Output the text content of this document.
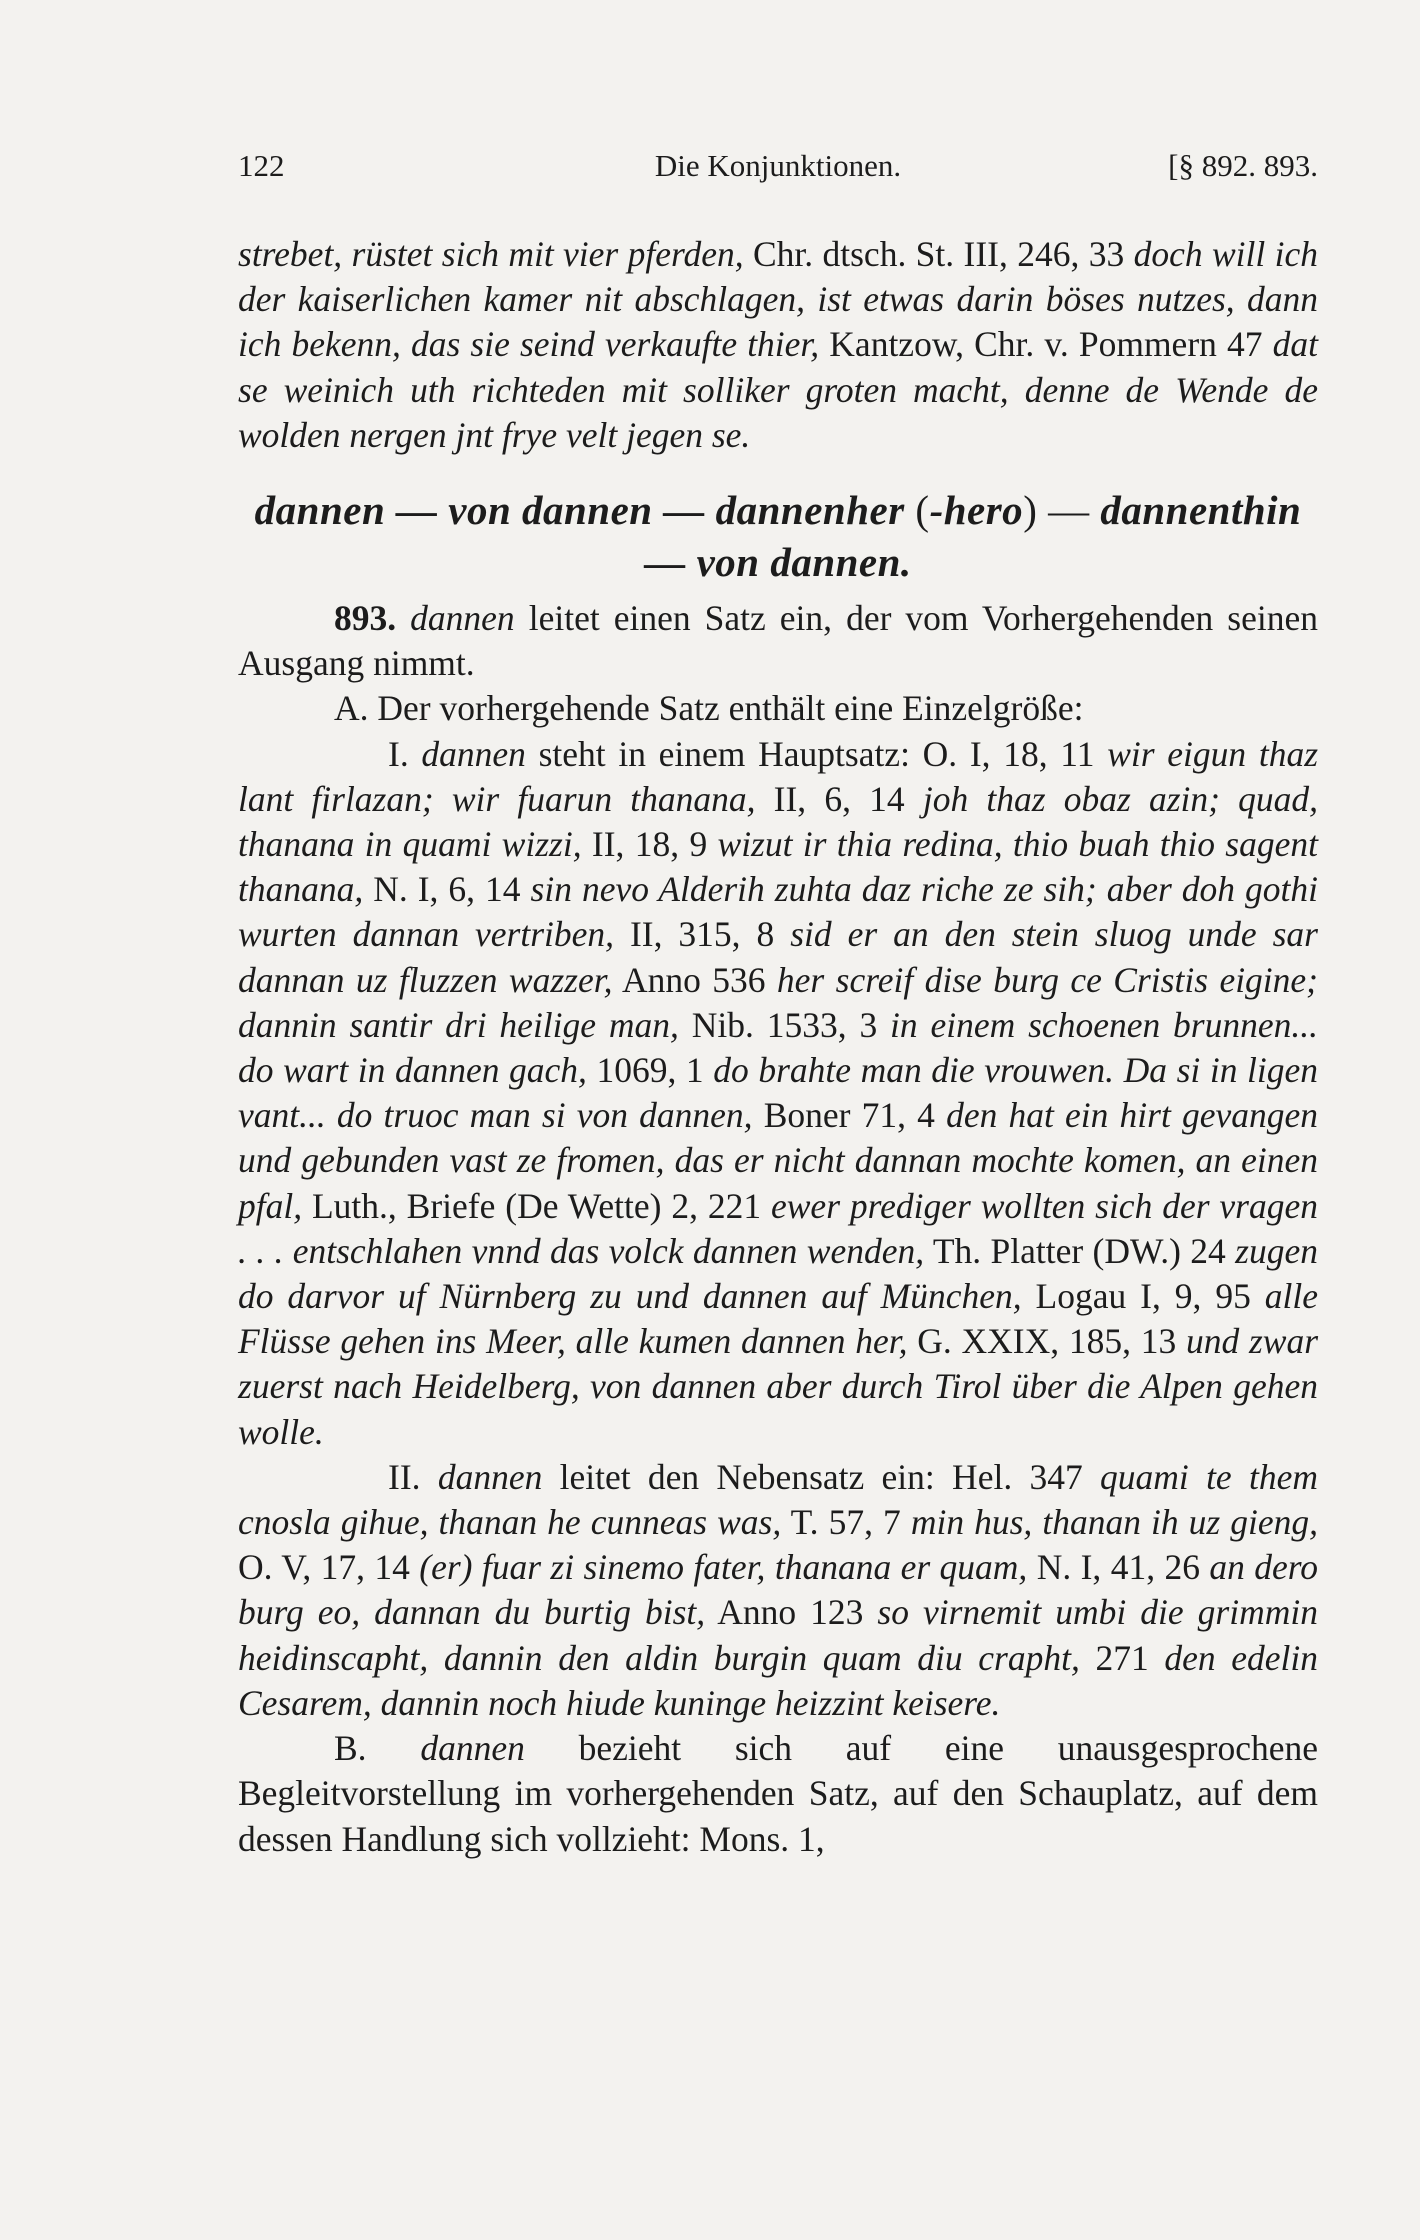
122	Die Konjunktionen.	[§ 892. 893.

strebet, rüstet sich mit vier pferden, Chr. dtsch. St. III, 246, 33 doch will ich der kaiserlichen kamer nit abschlagen, ist etwas darin böses nutzes, dann ich bekenn, das sie seind verkaufte thier, Kantzow, Chr. v. Pommern 47 dat se weinich uth richteden mit solliker groten macht, denne de Wende de wolden nergen jnt frye velt jegen se.

dannen — von dannen — dannenher (-hero) — dannenthin — von dannen.

893. dannen leitet einen Satz ein, der vom Vorhergehenden seinen Ausgang nimmt.

A. Der vorhergehende Satz enthält eine Einzelgröße:

I. dannen steht in einem Hauptsatz: O. I, 18, 11 wir eigun thaz lant firlazan; wir fuarun thanana, II, 6, 14 joh thaz obaz azin; quad, thanana in quami wizzi, II, 18, 9 wizut ir thia redina, thio buah thio sagent thanana, N. I, 6, 14 sin nevo Alderih zuhta daz riche ze sih; aber doh gothi wurten dannan vertriben, II, 315, 8 sid er an den stein sluog unde sar dannan uz fluzzen wazzer, Anno 536 her screif dise burg ce Cristis eigine; dannin santir dri heilige man, Nib. 1533, 3 in einem schoenen brunnen... do wart in dannen gach, 1069, 1 do brahte man die vrouwen. Da si in ligen vant... do truoc man si von dannen, Boner 71, 4 den hat ein hirt gevangen und gebunden vast ze fromen, das er nicht dannan mochte komen, an einen pfal, Luth., Briefe (De Wette) 2, 221 ewer prediger wollten sich der vragen . . . entschlahen vnnd das volck dannen wenden, Th. Platter (DW.) 24 zugen do darvor uf Nürnberg zu und dannen auf München, Logau I, 9, 95 alle Flüsse gehen ins Meer, alle kumen dannen her, G. XXIX, 185, 13 und zwar zuerst nach Heidelberg, von dannen aber durch Tirol über die Alpen gehen wolle.

II. dannen leitet den Nebensatz ein: Hel. 347 quami te them cnosla gihue, thanan he cunneas was, T. 57, 7 min hus, thanan ih uz gieng, O. V, 17, 14 (er) fuar zi sinemo fater, thanana er quam, N. I, 41, 26 an dero burg eo, dannan du burtig bist, Anno 123 so virnemit umbi die grimmin heidinscapht, dannin den aldin burgin quam diu crapht, 271 den edelin Cesarem, dannin noch hiude kuninge heizzint keisere.

B. dannen bezieht sich auf eine unausgesprochene Begleitvorstellung im vorhergehenden Satz, auf den Schauplatz, auf dem dessen Handlung sich vollzieht: Mons. 1,
